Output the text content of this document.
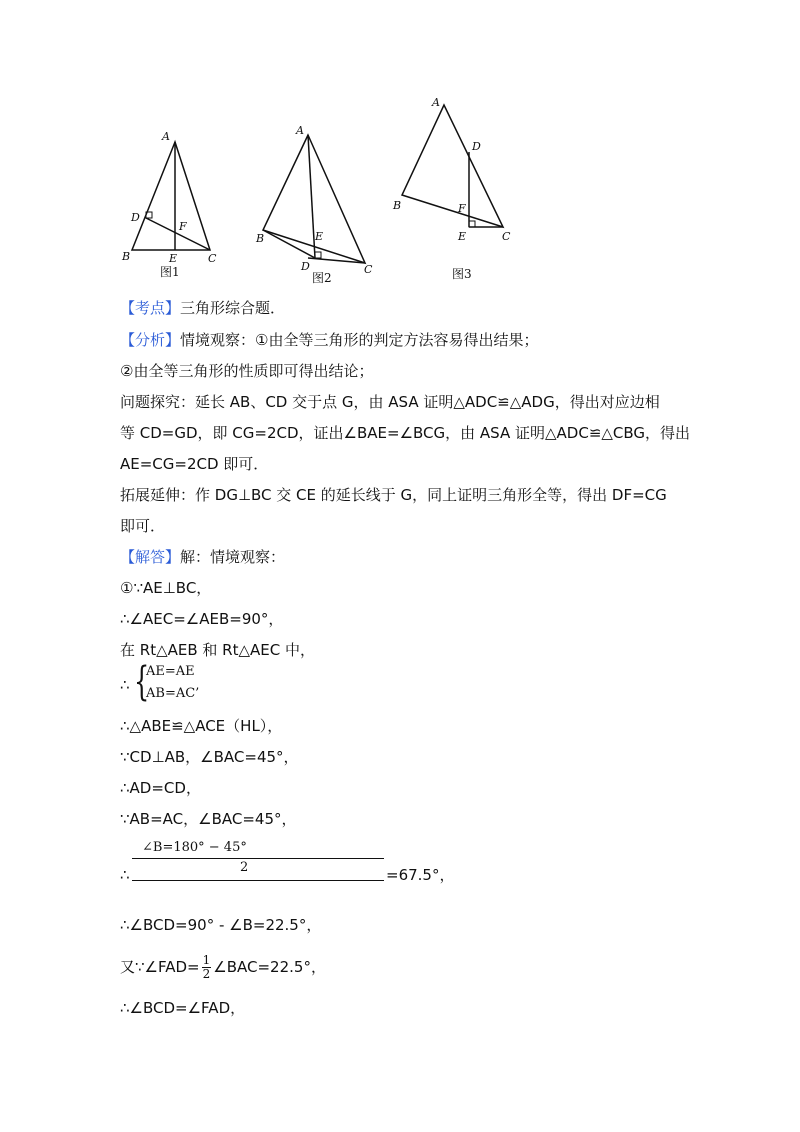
A
B	C
D
E
F
图1
A
B
C
D
E
图2
A
B
C
D
E
F
图3
【考点】三角形综合题．
【分析】情境观察：①由全等三角形的判定方法容易得出结果；
②由全等三角形的性质即可得出结论；
问题探究：延长 AB、CD 交于点 G，由 ASA 证明△ADC≌△ADG，得出对应边相
等 CD=GD，即 CG=2CD，证出∠BAE=∠BCG，由 ASA 证明△ADC≌△CBG，得出
AE=CG=2CD 即可．
拓展延伸：作 DG⊥BC 交 CE 的延长线于 G，同上证明三角形全等，得出 DF=CG
即可．
【解答】解：情境观察：
①∵AE⊥BC，
∴∠AEC=∠AEB=90°，
在 Rt△AEB 和 Rt△AEC 中，
∴ {
AE=AE
AB=AC’
∴△ABE≌△ACE（HL），
∵CD⊥AB，∠BAC=45°，
∴AD=CD，
∵AB=AC，∠BAC=45°，
∠B=180° − 45°
2
∴	=67.5°，
∴∠BCD=90° - ∠B=22.5°，
又∵∠FAD= $\frac{1}{2}$ ∠BAC=22.5°，
∴∠BCD=∠FAD，
